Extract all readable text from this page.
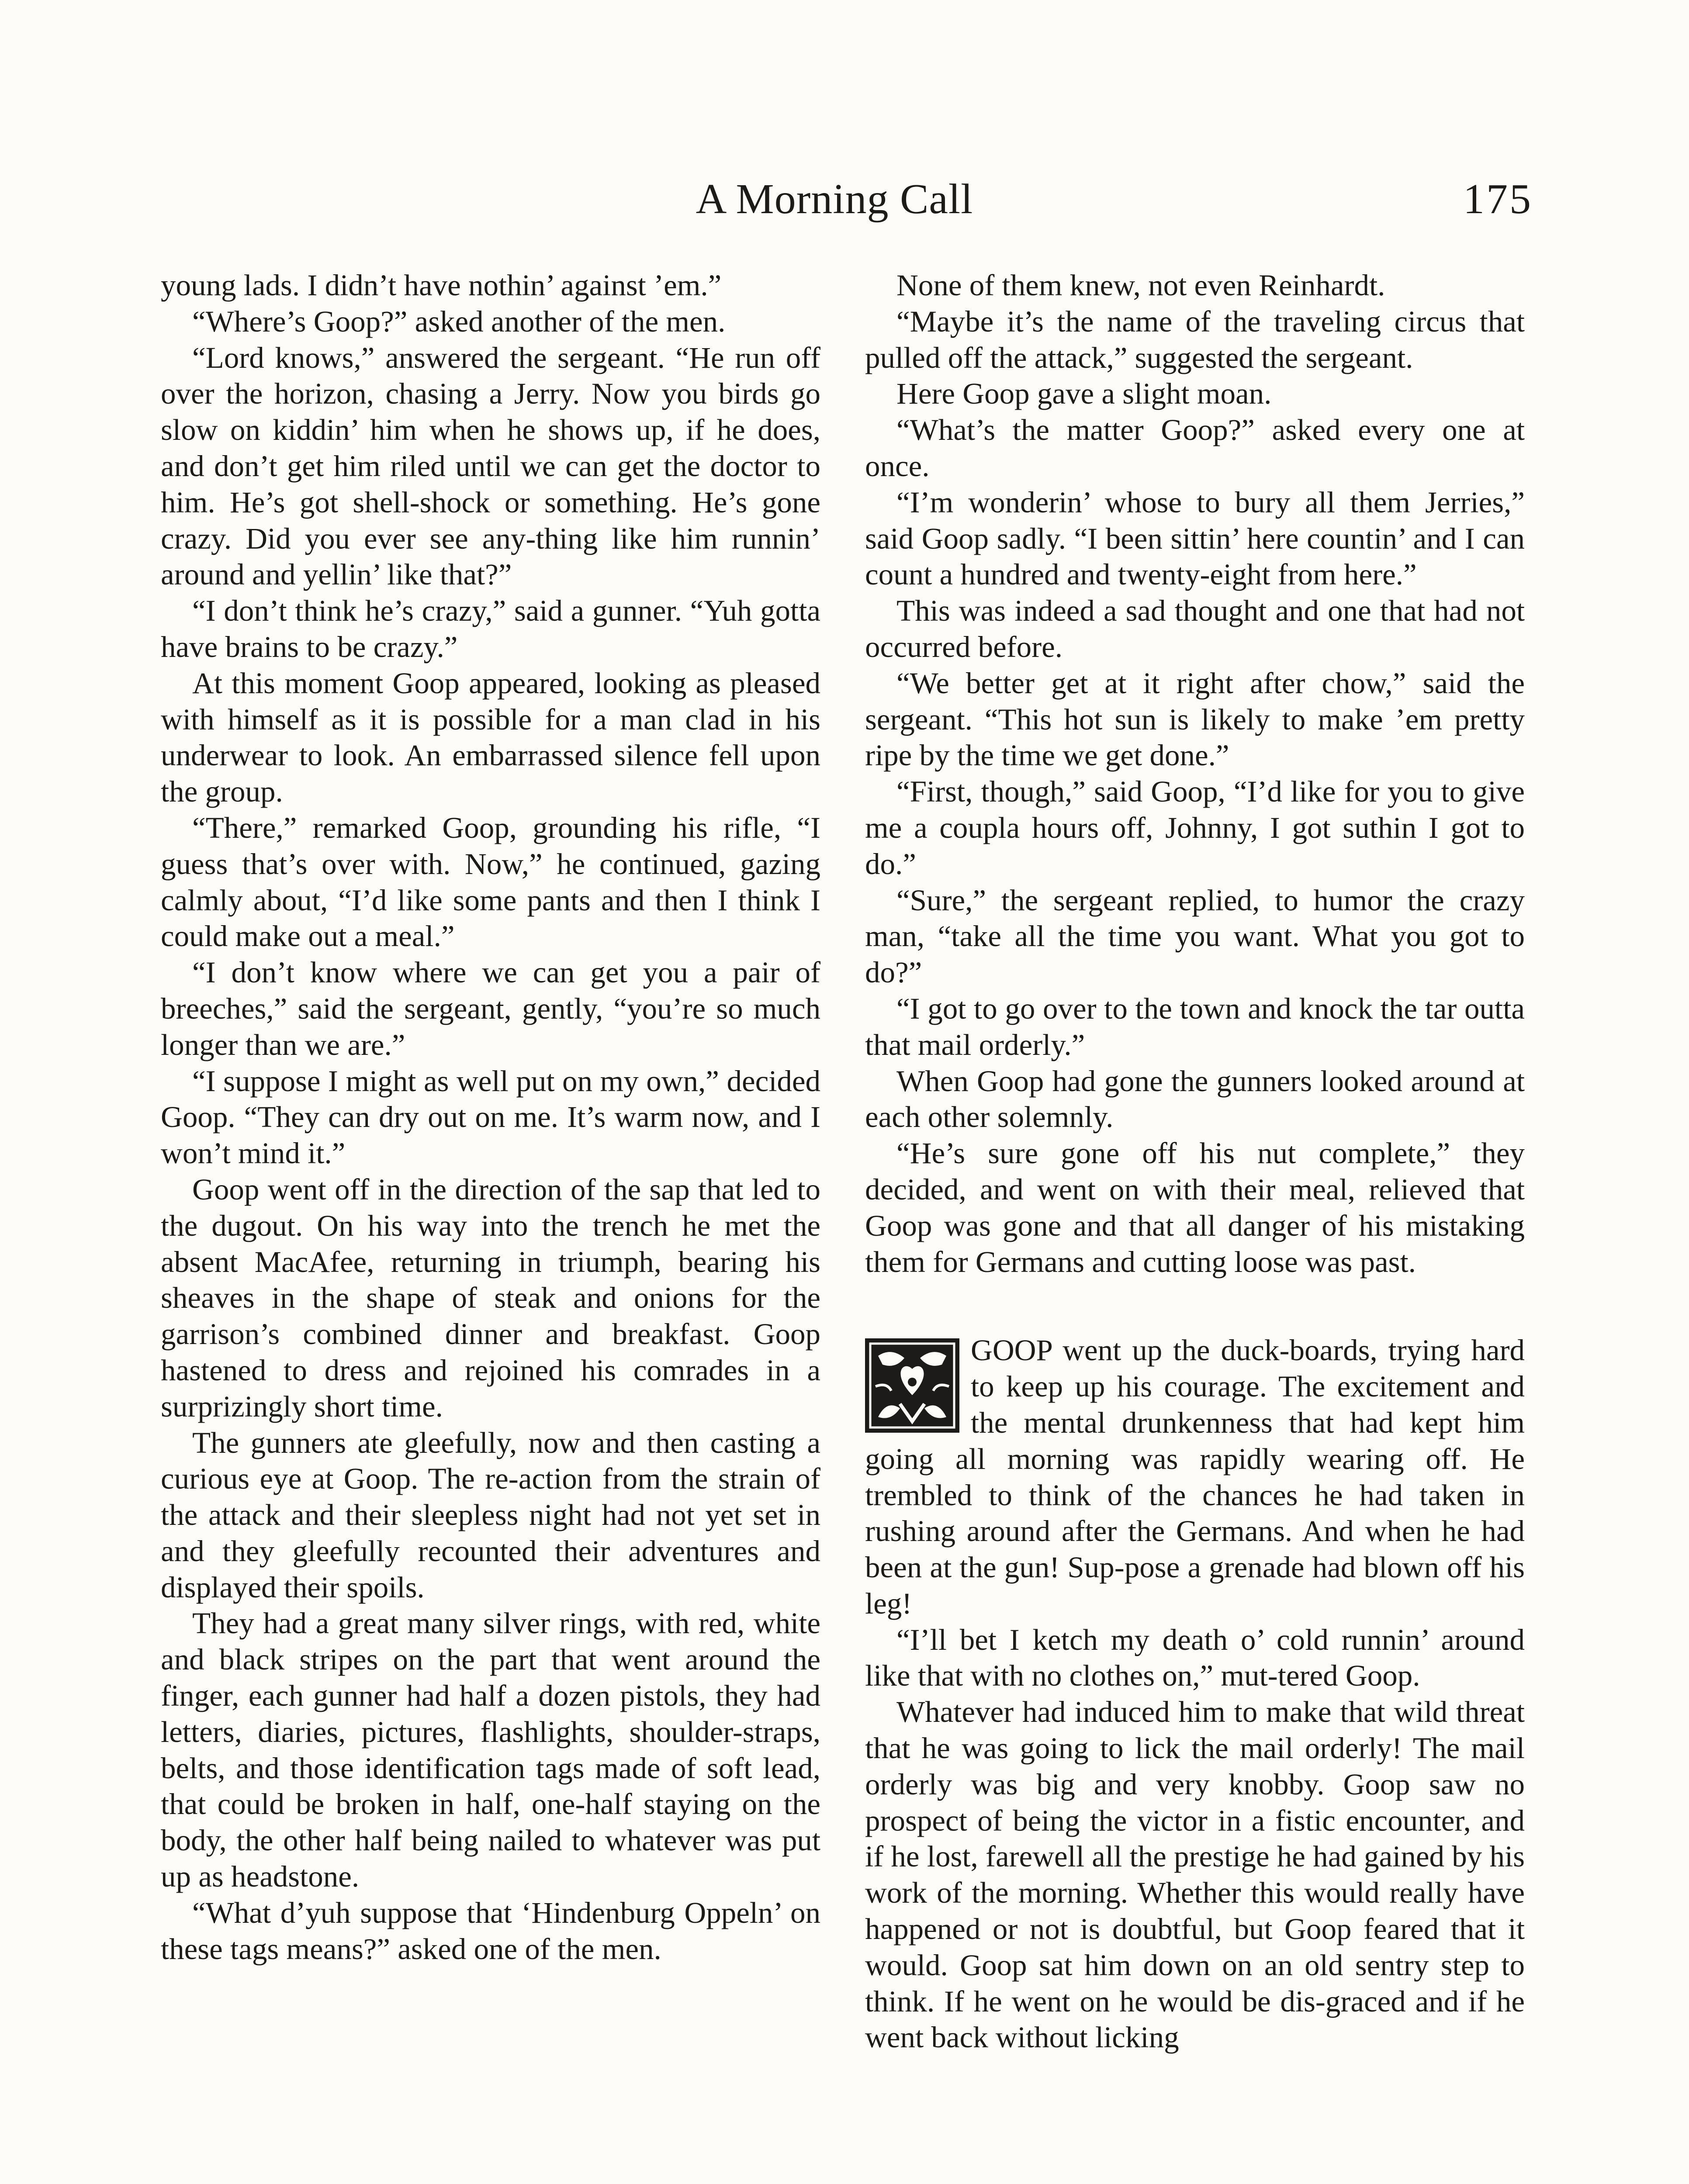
A Morning Call	175

young lads. I didn’t have nothin’ against ’em.”

“Where’s Goop?” asked another of the men.

“Lord knows,” answered the sergeant. “He run off over the horizon, chasing a Jerry. Now you birds go slow on kiddin’ him when he shows up, if he does, and don’t get him riled until we can get the doctor to him. He’s got shell-shock or something. He’s gone crazy. Did you ever see any-thing like him runnin’ around and yellin’ like that?”

“I don’t think he’s crazy,” said a gunner. “Yuh gotta have brains to be crazy.”

At this moment Goop appeared, looking as pleased with himself as it is possible for a man clad in his underwear to look. An embarrassed silence fell upon the group.

“There,” remarked Goop, grounding his rifle, “I guess that’s over with. Now,” he continued, gazing calmly about, “I’d like some pants and then I think I could make out a meal.”

“I don’t know where we can get you a pair of breeches,” said the sergeant, gently, “you’re so much longer than we are.”

“I suppose I might as well put on my own,” decided Goop. “They can dry out on me. It’s warm now, and I won’t mind it.”

Goop went off in the direction of the sap that led to the dugout. On his way into the trench he met the absent MacAfee, returning in triumph, bearing his sheaves in the shape of steak and onions for the garrison’s combined dinner and breakfast. Goop hastened to dress and rejoined his comrades in a surprizingly short time.

The gunners ate gleefully, now and then casting a curious eye at Goop. The re-action from the strain of the attack and their sleepless night had not yet set in and they gleefully recounted their adventures and displayed their spoils.

They had a great many silver rings, with red, white and black stripes on the part that went around the finger, each gunner had half a dozen pistols, they had letters, diaries, pictures, flashlights, shoulder-straps, belts, and those identification tags made of soft lead, that could be broken in half, one-half staying on the body, the other half being nailed to whatever was put up as headstone.

“What d’yuh suppose that ‘Hindenburg Oppeln’ on these tags means?” asked one of the men.

None of them knew, not even Reinhardt.

“Maybe it’s the name of the traveling circus that pulled off the attack,” suggested the sergeant.

Here Goop gave a slight moan.

“What’s the matter Goop?” asked every one at once.

“I’m wonderin’ whose to bury all them Jerries,” said Goop sadly. “I been sittin’ here countin’ and I can count a hundred and twenty-eight from here.”

This was indeed a sad thought and one that had not occurred before.

“We better get at it right after chow,” said the sergeant. “This hot sun is likely to make ’em pretty ripe by the time we get done.”

“First, though,” said Goop, “I’d like for you to give me a coupla hours off, Johnny, I got suthin I got to do.”

“Sure,” the sergeant replied, to humor the crazy man, “take all the time you want. What you got to do?”

“I got to go over to the town and knock the tar outta that mail orderly.”

When Goop had gone the gunners looked around at each other solemnly.

“He’s sure gone off his nut complete,” they decided, and went on with their meal, relieved that Goop was gone and that all danger of his mistaking them for Germans and cutting loose was past.

GOOP went up the duck-boards, trying hard to keep up his courage. The excitement and the mental drunkenness that had kept him going all morning was rapidly wearing off. He trembled to think of the chances he had taken in rushing around after the Germans. And when he had been at the gun! Sup-pose a grenade had blown off his leg!

“I’ll bet I ketch my death o’ cold runnin’ around like that with no clothes on,” mut-tered Goop.

Whatever had induced him to make that wild threat that he was going to lick the mail orderly! The mail orderly was big and very knobby. Goop saw no prospect of being the victor in a fistic encounter, and if he lost, farewell all the prestige he had gained by his work of the morning. Whether this would really have happened or not is doubtful, but Goop feared that it would. Goop sat him down on an old sentry step to think. If he went on he would be dis-graced and if he went back without licking
